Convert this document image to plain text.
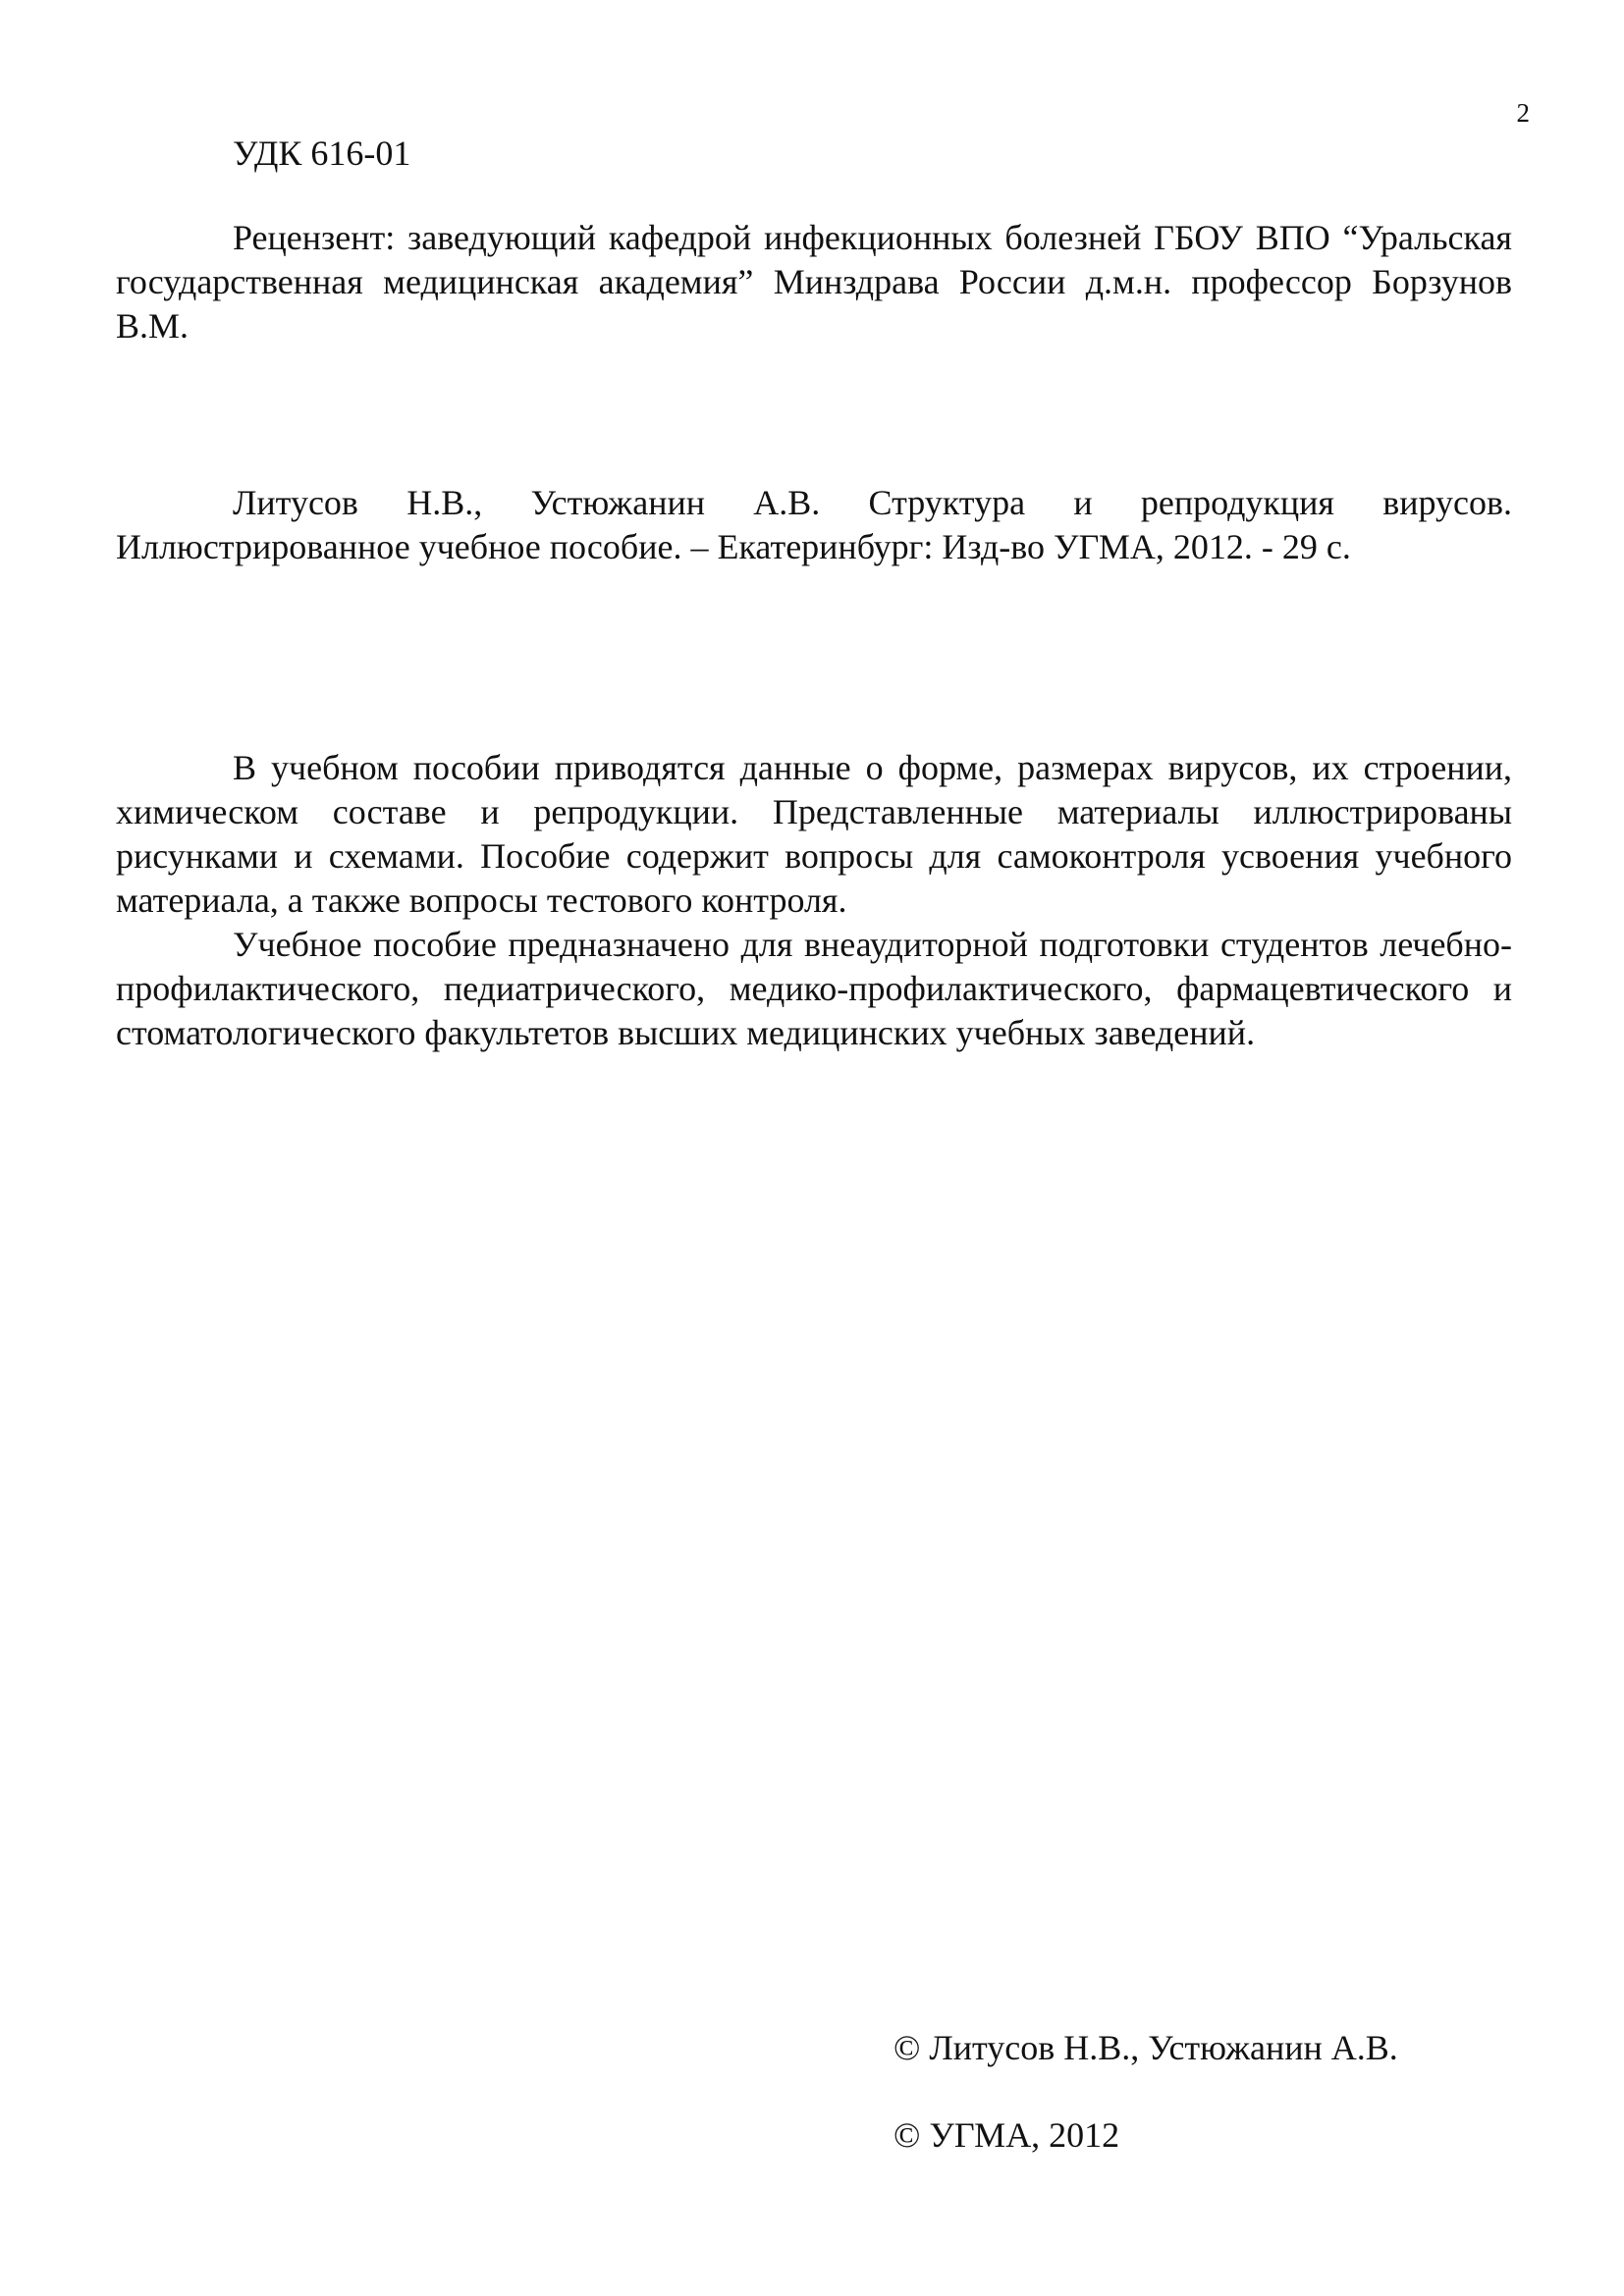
2
УДК 616-01

Рецензент: заведующий кафедрой инфекционных болезней ГБОУ ВПО “Уральская государственная медицинская академия” Минздрава России д.м.н. профессор Борзунов В.М.

Литусов Н.В., Устюжанин А.В. Структура и репродукция вирусов. Иллюстрированное учебное пособие. – Екатеринбург: Изд-во УГМА, 2012. - 29 с.

В учебном пособии приводятся данные о форме, размерах вирусов, их строении, химическом составе и репродукции. Представленные материалы иллюстрированы рисунками и схемами. Пособие содержит вопросы для самоконтроля усвоения учебного материала, а также вопросы тестового контроля.

Учебное пособие предназначено для внеаудиторной подготовки студентов лечебно-профилактического, педиатрического, медико-профилактического, фармацевтического и стоматологического факультетов высших медицинских учебных заведений.

© Литусов Н.В., Устюжанин А.В.
© УГМА, 2012
